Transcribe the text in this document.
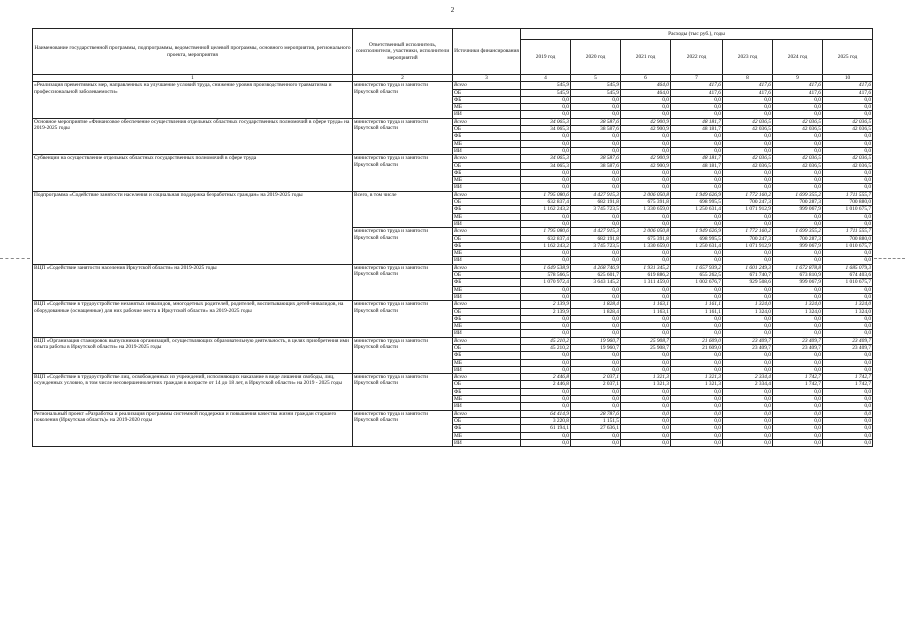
2
Наименование государственной программы, подпрограммы, ведомственной целевой программы, основного мероприятия, регионального проекта, мероприятия	Ответственный исполнитель, соисполнители, участники, исполнители мероприятий	Источники финансирования	Расходы (тыс руб.), годы						
			2019 год	2020 год	2021 год	2022 год	2023 год	2024 год	2025 год
1	2	3	4	5	6	7	8	9	10
«Реализация превентивных мер, направленных на улучшение условий труда, снижение уровня производственного травматизма и профессиональной заболеваемости»	министерство труда и занятости Иркутской области	Всего	545,9	545,9	464,0	417,6	417,6	417,6	417,6
		ОБ	545,9	545,9	464,0	417,6	417,6	417,6	417,6
		ФБ	0,0	0,0	0,0	0,0	0,0	0,0	0,0
		МБ	0,0	0,0	0,0	0,0	0,0	0,0	0,0
		ИИ	0,0	0,0	0,0	0,0	0,0	0,0	0,0
Основное мероприятие «Финансовое обеспечение осуществления отдельных областных государственных полномочий в сфере труда» на 2019-2025 годы	министерство труда и занятости Иркутской области	Всего	34 065,3	38 587,6	42 900,9	48 181,7	42 036,5	42 036,5	42 036,5
		ОБ	34 065,3	38 587,6	42 900,9	48 181,7	42 036,5	42 036,5	42 036,5
		ФБ	0,0	0,0	0,0	0,0	0,0	0,0	0,0
		МБ	0,0	0,0	0,0	0,0	0,0	0,0	0,0
		ИИ	0,0	0,0	0,0	0,0	0,0	0,0	0,0
Субвенции на осуществление отдельных областных государственных полномочий в сфере труда	министерство труда и занятости Иркутской области	Всего	34 065,3	38 587,6	42 900,9	48 181,7	42 036,5	42 036,5	42 036,5
		ОБ	34 065,3	38 587,6	42 900,9	48 181,7	42 036,5	42 036,5	42 036,5
		ФБ	0,0	0,0	0,0	0,0	0,0	0,0	0,0
		МБ	0,0	0,0	0,0	0,0	0,0	0,0	0,0
		ИИ	0,0	0,0	0,0	0,0	0,0	0,0	0,0
Подпрограмма «Содействие занятости населения и социальная поддержка безработных граждан» на 2019-2025 годы	Всего, в том числе	Всего	1 795 080,6	4 427 915,3	2 006 050,8	1 949 626,9	1 772 160,2	1 699 355,2	1 711 555,7
		ОБ	632 837,4	682 191,8	675 391,8	698 995,5	700 247,3	700 287,3	700 880,0
		ФБ	1 162 243,2	3 745 723,5	1 330 659,0	1 250 631,4	1 071 912,9	999 067,9	1 010 675,7
		МБ	0,0	0,0	0,0	0,0	0,0	0,0	0,0
		ИИ	0,0	0,0	0,0	0,0	0,0	0,0	0,0
	министерство труда и занятости Иркутской области	Всего	1 795 080,6	4 427 915,3	2 006 050,8	1 949 626,9	1 772 160,2	1 699 355,2	1 711 555,7
		ОБ	632 837,4	682 191,8	675 391,8	698 995,5	700 247,3	700 287,3	700 880,0
		ФБ	1 162 243,2	3 745 723,5	1 330 659,0	1 250 631,4	1 071 912,9	999 067,9	1 010 675,7
		МБ	0,0	0,0	0,0	0,0	0,0	0,0	0,0
		ИИ	0,0	0,0	0,0	0,0	0,0	0,0	0,0
ВЦП «Содействие занятости населения Иркутской области» на 2019-2025 годы	министерство труда и занятости Иркутской области	Всего	1 649 538,9	4 268 746,9	1 931 345,2	1 657 939,2	1 601 249,3	1 672 878,8	1 685 079,3
		ОБ	578 566,5	625 601,7	619 886,2	655 262,5	671 740,7	673 810,9	674 403,6
		ФБ	1 070 972,4	3 643 145,2	1 311 459,0	1 002 676,7	929 508,6	999 067,9	1 010 675,7
		МБ	0,0	0,0	0,0	0,0	0,0	0,0	0,0
		ИИ	0,0	0,0	0,0	0,0	0,0	0,0	0,0
ВЦП «Содействие в трудоустройстве незанятых инвалидов, многодетных родителей, родителей, воспитывающих детей-инвалидов, на оборудованные (оснащенные) для них рабочие места в Иркутской области» на 2019-2025 годы	министерство труда и занятости Иркутской области	Всего	2 139,9	1 828,4	1 163,1	1 161,1	1 324,0	1 324,0	1 324,0
		ОБ	2 139,9	1 828,4	1 163,1	1 161,1	1 324,0	1 324,0	1 324,0
		ФБ	0,0	0,0	0,0	0,0	0,0	0,0	0,0
		МБ	0,0	0,0	0,0	0,0	0,0	0,0	0,0
		ИИ	0,0	0,0	0,0	0,0	0,0	0,0	0,0
ВЦП «Организация стажировок выпускников организаций, осуществляющих образовательную деятельность, в целях приобретения ими опыта работы в Иркутской области» на 2019-2025 годы	министерство труда и занятости Иркутской области	Всего	45 210,2	19 960,7	25 908,7	21 609,0	23 409,7	23 409,7	23 409,7
		ОБ	45 210,2	19 960,7	25 908,7	21 609,0	23 409,7	23 409,7	23 409,7
		ФБ	0,0	0,0	0,0	0,0	0,0	0,0	0,0
		МБ	0,0	0,0	0,0	0,0	0,0	0,0	0,0
		ИИ	0,0	0,0	0,0	0,0	0,0	0,0	0,0
ВЦП «Содействие в трудоустройстве лиц, освобожденных из учреждений, исполняющих наказание в виде лишения свободы, лиц, осужденных условно, в том числе несовершеннолетних граждан в возрасте от 14 до 18 лет, в Иркутской области» на 2019 - 2025 годы	министерство труда и занятости Иркутской области	Всего	2 446,8	2 037,1	1 321,3	1 321,3	2 334,4	1 742,7	1 742,7
		ОБ	2 446,8	2 037,1	1 321,3	1 321,3	2 334,4	1 742,7	1 742,7
		ФБ	0,0	0,0	0,0	0,0	0,0	0,0	0,0
		МБ	0,0	0,0	0,0	0,0	0,0	0,0	0,0
		ИИ	0,0	0,0	0,0	0,0	0,0	0,0	0,0
Региональный проект «Разработка и реализация программы системной поддержки и повышения качества жизни граждан старшего поколения (Иркутская область)» на 2019-2020 годы	министерство труда и занятости Иркутской области	Всего	64 414,9	28 787,6	0,0	0,0	0,0	0,0	0,0
		ОБ	3 220,8	1 151,5	0,0	0,0	0,0	0,0	0,0
		ФБ	61 194,1	27 636,1	0,0	0,0	0,0	0,0	0,0
		МБ	0,0	0,0	0,0	0,0	0,0	0,0	0,0
		ИИ	0,0	0,0	0,0	0,0	0,0	0,0	0,0
